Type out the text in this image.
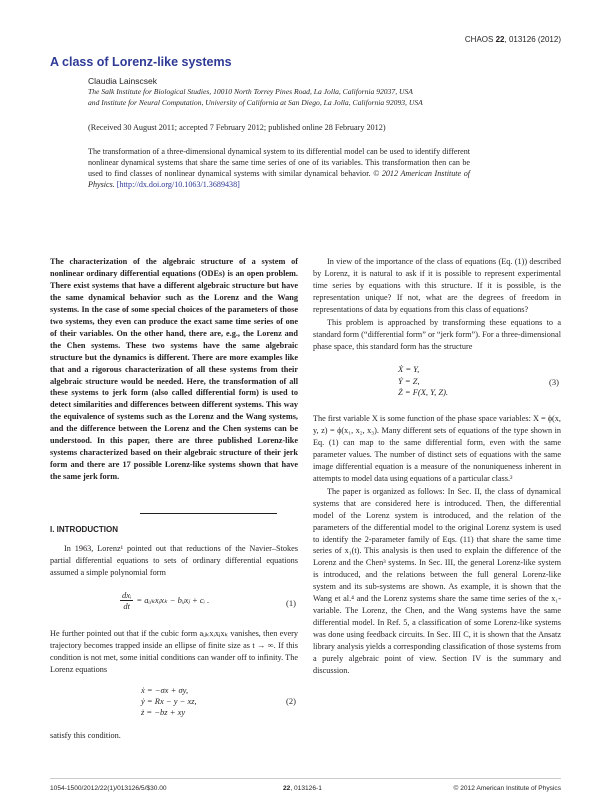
CHAOS 22, 013126 (2012)
A class of Lorenz-like systems
Claudia Lainscsek
The Salk Institute for Biological Studies, 10010 North Torrey Pines Road, La Jolla, California 92037, USA
and Institute for Neural Computation, University of California at San Diego, La Jolla, California 92093, USA
(Received 30 August 2011; accepted 7 February 2012; published online 28 February 2012)
The transformation of a three-dimensional dynamical system to its differential model can be used to identify different nonlinear dynamical systems that share the same time series of one of its variables. This transformation then can be used to find classes of nonlinear dynamical systems with similar dynamical behavior. © 2012 American Institute of Physics. [http://dx.doi.org/10.1063/1.3689438]
The characterization of the algebraic structure of a system of nonlinear ordinary differential equations (ODEs) is an open problem. There exist systems that have a different algebraic structure but have the same dynamical behavior such as the Lorenz and the Wang systems. In the case of some special choices of the parameters of those two systems, they even can produce the exact same time series of one of their variables. On the other hand, there are, e.g., the Lorenz and the Chen systems. These two systems have the same algebraic structure but the dynamics is different. There are more examples like that and a rigorous characterization of all these systems from their algebraic structure would be needed. Here, the transformation of all these systems to jerk form (also called differential form) is used to detect similarities and differences between different systems. This way the equivalence of systems such as the Lorenz and the Wang systems, and the difference between the Lorenz and the Chen systems can be understood. In this paper, there are three published Lorenz-like systems characterized based on their algebraic structure of their jerk form and there are 17 possible Lorenz-like systems shown that have the same jerk form.
I. INTRODUCTION

In 1963, Lorenz¹ pointed out that reductions of the Navier–Stokes partial differential equations to sets of ordinary differential equations assumed a simple polynomial form

dxᵢ
dt
	= aᵢⱼₖxⱼxₖ − bᵢⱼxⱼ + cᵢ .	(1)

He further pointed out that if the cubic form aᵢⱼₖxᵢxⱼxₖ vanishes, then every trajectory becomes trapped inside an ellipse of finite size as t → ∞. If this condition is not met, some initial conditions can wander off to infinity. The Lorenz equations

ẋ = −σx + σy,
ẏ = Rx − y − xz,
ż = −bz + xy
(2)
satisfy this condition.

In view of the importance of the class of equations (Eq. (1)) described by Lorenz, it is natural to ask if it is possible to represent experimental time series by equations with this structure. If it is possible, is the representation unique? If not, what are the degrees of freedom in representations of data by equations from this class of equations?

This problem is approached by transforming these equations to a standard form (“differential form” or “jerk form”). For a three-dimensional phase space, this standard form has the structure

Ẋ = Y,
Ẏ = Z,
Ż = F(X, Y, Z).
(3)

The first variable X is some function of the phase space variables: X = ϕ(x, y, z) = ϕ(x₁, x₂, x₃). Many different sets of equations of the type shown in Eq. (1) can map to the same differential form, even with the same parameter values. The number of distinct sets of equations with the same image differential equation is a measure of the nonuniqueness inherent in attempts to model data using equations of a particular class.²

The paper is organized as follows: In Sec. II, the class of dynamical systems that are considered here is introduced. Then, the differential model of the Lorenz system is introduced, and the relation of the parameters of the differential model to the original Lorenz system is used to identify the 2-parameter family of Eqs. (11) that share the same time series of x₁(t). This analysis is then used to explain the difference of the Lorenz and the Chen³ systems. In Sec. III, the general Lorenz-like system is introduced, and the relations between the full general Lorenz-like system and its sub-systems are shown. As example, it is shown that the Wang et al.⁴ and the Lorenz systems share the same time series of the x₁-variable. The Lorenz, the Chen, and the Wang systems have the same differential model. In Ref. 5, a classification of some Lorenz-like systems was done using feedback circuits. In Sec. III C, it is shown that the Ansatz library analysis yields a corresponding classification of those systems from a purely algebraic point of view. Section IV is the summary and discussion.

1054-1500/2012/22(1)/013126/5/$30.00	22, 013126-1	© 2012 American Institute of Physics
